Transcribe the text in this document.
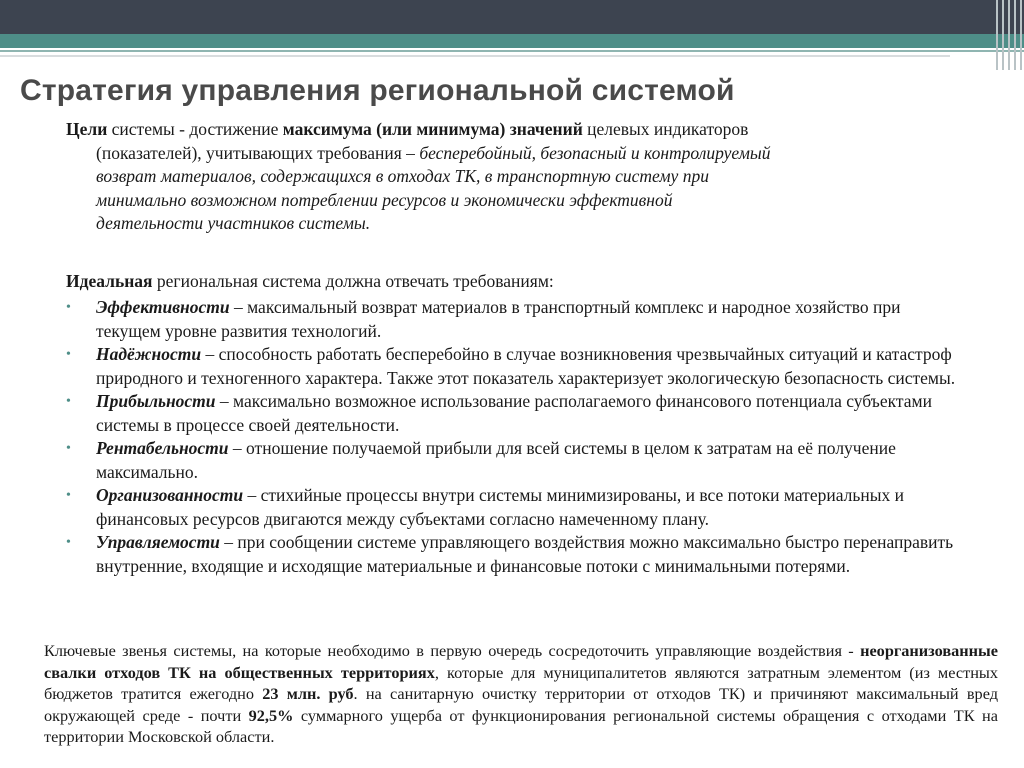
Стратегия управления региональной системой
Цели системы - достижение максимума (или минимума) значений целевых индикаторов
(показателей), учитывающих требования – бесперебойный, безопасный и контролируемый
возврат материалов, содержащихся в отходах ТК, в транспортную систему при
минимально возможном потреблении ресурсов и экономически эффективной
деятельности участников системы.
Идеальная региональная система должна отвечать требованиям:
• Эффективности – максимальный возврат материалов в транспортный комплекс и народное хозяйство при текущем уровне развития технологий.
• Надёжности – способность работать бесперебойно в случае возникновения чрезвычайных ситуаций и катастроф природного и техногенного характера. Также этот показатель характеризует экологическую безопасность системы.
• Прибыльности – максимально возможное использование располагаемого финансового потенциала субъектами системы в процессе своей деятельности.
• Рентабельности – отношение получаемой прибыли для всей системы в целом к затратам на её получение максимально.
• Организованности – стихийные процессы внутри системы минимизированы, и все потоки материальных и финансовых ресурсов двигаются между субъектами согласно намеченному плану.
• Управляемости – при сообщении системе управляющего воздействия можно максимально быстро перенаправить внутренние, входящие и исходящие материальные и финансовые потоки с минимальными потерями.
Ключевые звенья системы, на которые необходимо в первую очередь сосредоточить управляющие воздействия - неорганизованные свалки отходов ТК на общественных территориях, которые для муниципалитетов являются затратным элементом (из местных бюджетов тратится ежегодно 23 млн. руб. на санитарную очистку территории от отходов ТК) и причиняют максимальный вред окружающей среде - почти 92,5% суммарного ущерба от функционирования региональной системы обращения с отходами ТК на территории Московской области.
